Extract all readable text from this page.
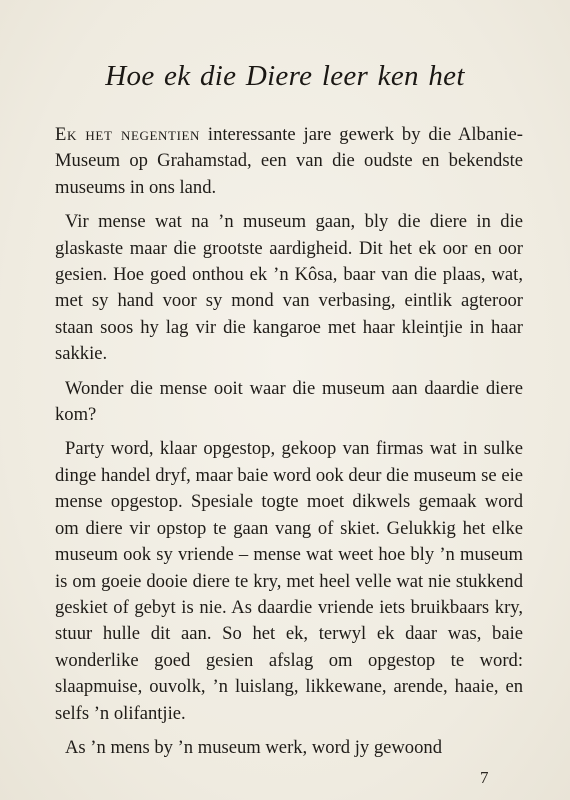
Hoe ek die Diere leer ken het

Ek het negentien interessante jare gewerk by die Albanie-Museum op Grahamstad, een van die oudste en bekendste museums in ons land.

Vir mense wat na ’n museum gaan, bly die diere in die glaskaste maar die grootste aardigheid. Dit het ek oor en oor gesien. Hoe goed onthou ek ’n Kôsa, baar van die plaas, wat, met sy hand voor sy mond van verbasing, eintlik agteroor staan soos hy lag vir die kangaroe met haar kleintjie in haar sakkie.

Wonder die mense ooit waar die museum aan daardie diere kom?

Party word, klaar opgestop, gekoop van firmas wat in sulke dinge handel dryf, maar baie word ook deur die museum se eie mense opgestop. Spesiale togte moet dikwels gemaak word om diere vir opstop te gaan vang of skiet. Gelukkig het elke museum ook sy vriende – mense wat weet hoe bly ’n museum is om goeie dooie diere te kry, met heel velle wat nie stukkend geskiet of gebyt is nie. As daardie vriende iets bruikbaars kry, stuur hulle dit aan. So het ek, terwyl ek daar was, baie wonderlike goed gesien afslag om opgestop te word: slaapmuise, ouvolk, ’n luislang, likkewane, arende, haaie, en selfs ’n olifantjie.

As ’n mens by ’n museum werk, word jy gewoond

7
